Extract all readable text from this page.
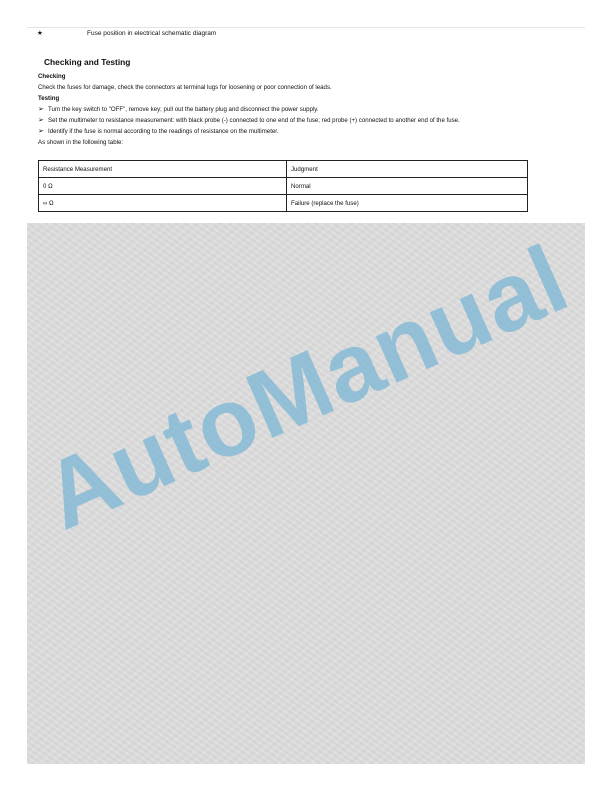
★	Fuse position in electrical schematic diagram
Checking and Testing
Checking
Check the fuses for damage, check the connectors at terminal lugs for loosening or poor connection of leads.
Testing
➢ Turn the key switch to "OFF", remove key; pull out the battery plug and disconnect the power supply.
➢ Set the multimeter to resistance measurement: with black probe (-) connected to one end of the fuse; red probe (+) connected to another end of the fuse.
➢ Identify if the fuse is normal according to the readings of resistance on the multimeter.
As shown in the following table:
Resistance Measurement	Judgment
0 Ω	Normal
∞ Ω	Failure (replace the fuse)
AutoManual
